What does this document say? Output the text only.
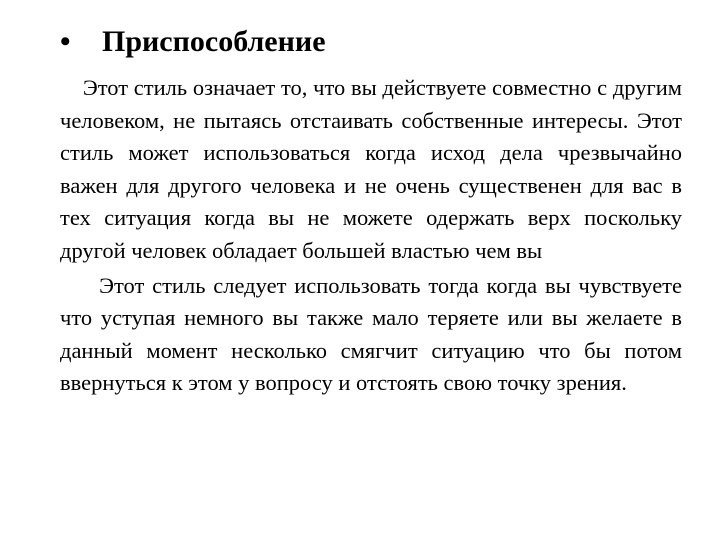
• Приспособление

Этот стиль означает то, что вы действуете совместно с другим человеком, не пытаясь отстаивать собственные интересы. Этот стиль может использоваться когда исход дела чрезвычайно важен для другого человека и не очень существенен для вас в тех ситуация когда вы не можете одержать верх поскольку другой человек обладает большей властью чем вы

Этот стиль следует использовать тогда когда вы чувствуете что уступая немного вы также мало теряете или вы желаете в данный момент несколько смягчит ситуацию что бы потом ввернуться к этом у вопросу и отстоять свою точку зрения.
